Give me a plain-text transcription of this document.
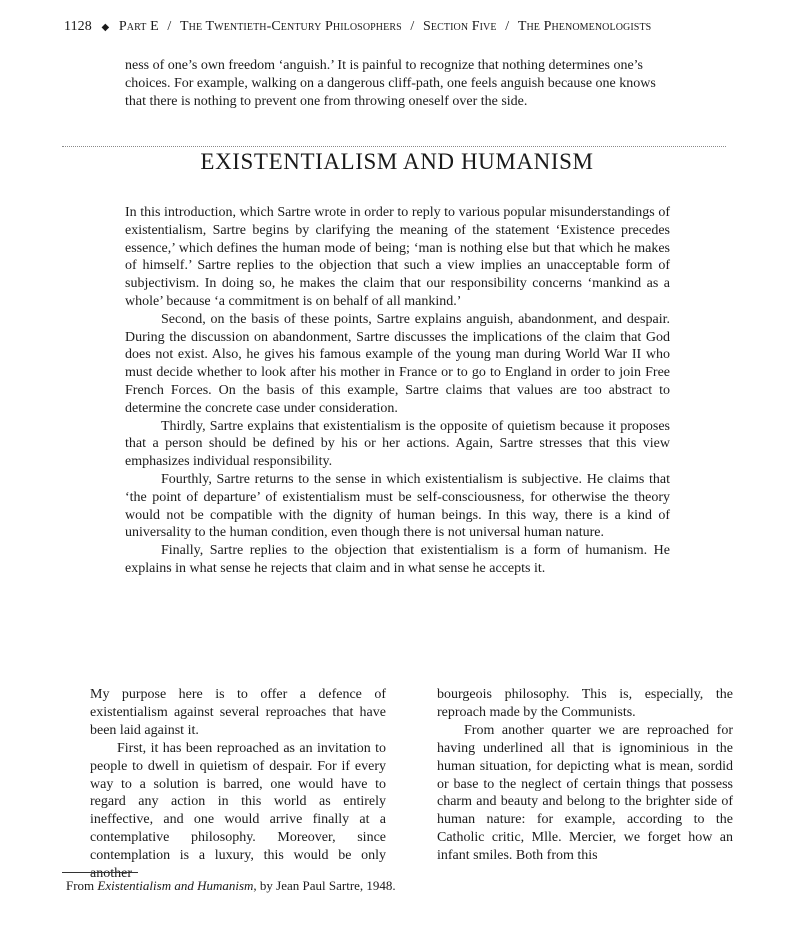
1128 ◆ Part E / The Twentieth-Century Philosophers / Section Five / The Phenomenologists

ness of one’s own freedom ‘anguish.’ It is painful to recognize that nothing determines one’s choices. For example, walking on a dangerous cliff-path, one feels anguish because one knows that there is nothing to prevent one from throwing oneself over the side.

EXISTENTIALISM AND HUMANISM

In this introduction, which Sartre wrote in order to reply to various popular misunderstandings of existentialism, Sartre begins by clarifying the meaning of the statement ‘Existence precedes essence,’ which defines the human mode of being; ‘man is nothing else but that which he makes of himself.’ Sartre replies to the objection that such a view implies an unacceptable form of subjectivism. In doing so, he makes the claim that our responsibility concerns ‘mankind as a whole’ because ‘a commitment is on behalf of all mankind.’

Second, on the basis of these points, Sartre explains anguish, abandonment, and despair. During the discussion on abandonment, Sartre discusses the implications of the claim that God does not exist. Also, he gives his famous example of the young man during World War II who must decide whether to look after his mother in France or to go to England in order to join Free French Forces. On the basis of this example, Sartre claims that values are too abstract to determine the concrete case under consideration.

Thirdly, Sartre explains that existentialism is the opposite of quietism because it proposes that a person should be defined by his or her actions. Again, Sartre stresses that this view emphasizes individual responsibility.

Fourthly, Sartre returns to the sense in which existentialism is subjective. He claims that ‘the point of departure’ of existentialism must be self-consciousness, for otherwise the theory would not be compatible with the dignity of human beings. In this way, there is a kind of universality to the human condition, even though there is not universal human nature.

Finally, Sartre replies to the objection that existentialism is a form of humanism. He explains in what sense he rejects that claim and in what sense he accepts it.

My purpose here is to offer a defence of existentialism against several reproaches that have been laid against it.

First, it has been reproached as an invitation to people to dwell in quietism of despair. For if every way to a solution is barred, one would have to regard any action in this world as entirely ineffective, and one would arrive finally at a contemplative philosophy. Moreover, since contemplation is a luxury, this would be only another

bourgeois philosophy. This is, especially, the reproach made by the Communists.

From another quarter we are reproached for having underlined all that is ignominious in the human situation, for depicting what is mean, sordid or base to the neglect of certain things that possess charm and beauty and belong to the brighter side of human nature: for example, according to the Catholic critic, Mlle. Mercier, we forget how an infant smiles. Both from this

From Existentialism and Humanism, by Jean Paul Sartre, 1948.
